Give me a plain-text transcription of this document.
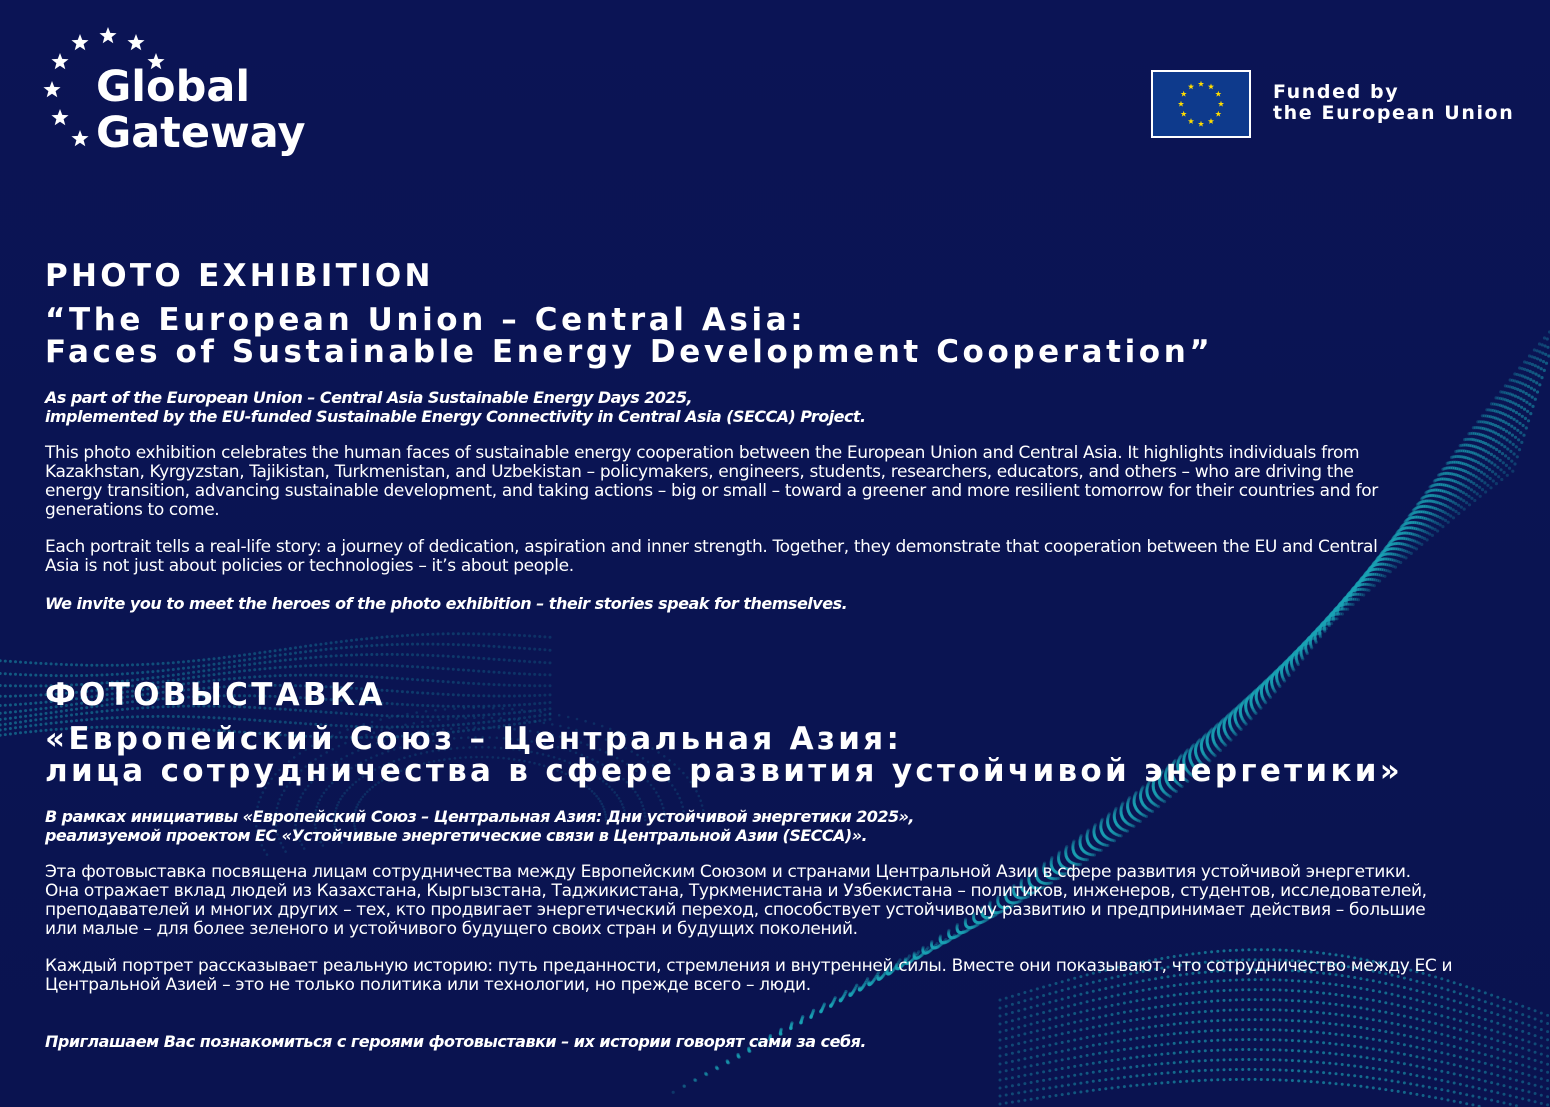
Global
Gateway
Funded by
the European Union
PHOTO EXHIBITION
“The European Union – Central Asia:
Faces of Sustainable Energy Development Cooperation”
As part of the European Union – Central Asia Sustainable Energy Days 2025,
implemented by the EU-funded Sustainable Energy Connectivity in Central Asia (SECCA) Project.
This photo exhibition celebrates the human faces of sustainable energy cooperation between the European Union and Central Asia. It highlights individuals from
Kazakhstan, Kyrgyzstan, Tajikistan, Turkmenistan, and Uzbekistan – policymakers, engineers, students, researchers, educators, and others – who are driving the
energy transition, advancing sustainable development, and taking actions – big or small – toward a greener and more resilient tomorrow for their countries and for
generations to come.
Each portrait tells a real-life story: a journey of dedication, aspiration and inner strength. Together, they demonstrate that cooperation between the EU and Central
Asia is not just about policies or technologies – it’s about people.
We invite you to meet the heroes of the photo exhibition – their stories speak for themselves.
ФОТОВЫСТАВКА
«Европейский Союз – Центральная Азия:
лица сотрудничества в сфере развития устойчивой энергетики»
В рамках инициативы «Европейский Союз – Центральная Азия: Дни устойчивой энергетики 2025»,
реализуемой проектом ЕС «Устойчивые энергетические связи в Центральной Азии (SECCA)».
Эта фотовыставка посвящена лицам сотрудничества между Европейским Союзом и странами Центральной Азии в сфере развития устойчивой энергетики.
Она отражает вклад людей из Казахстана, Кыргызстана, Таджикистана, Туркменистана и Узбекистана – политиков, инженеров, студентов, исследователей,
преподавателей и многих других – тех, кто продвигает энергетический переход, способствует устойчивому развитию и предпринимает действия – большие
или малые – для более зеленого и устойчивого будущего своих стран и будущих поколений.
Каждый портрет рассказывает реальную историю: путь преданности, стремления и внутренней силы. Вместе они показывают, что сотрудничество между ЕС и
Центральной Азией – это не только политика или технологии, но прежде всего – люди.
Приглашаем Вас познакомиться с героями фотовыставки – их истории говорят сами за себя.
